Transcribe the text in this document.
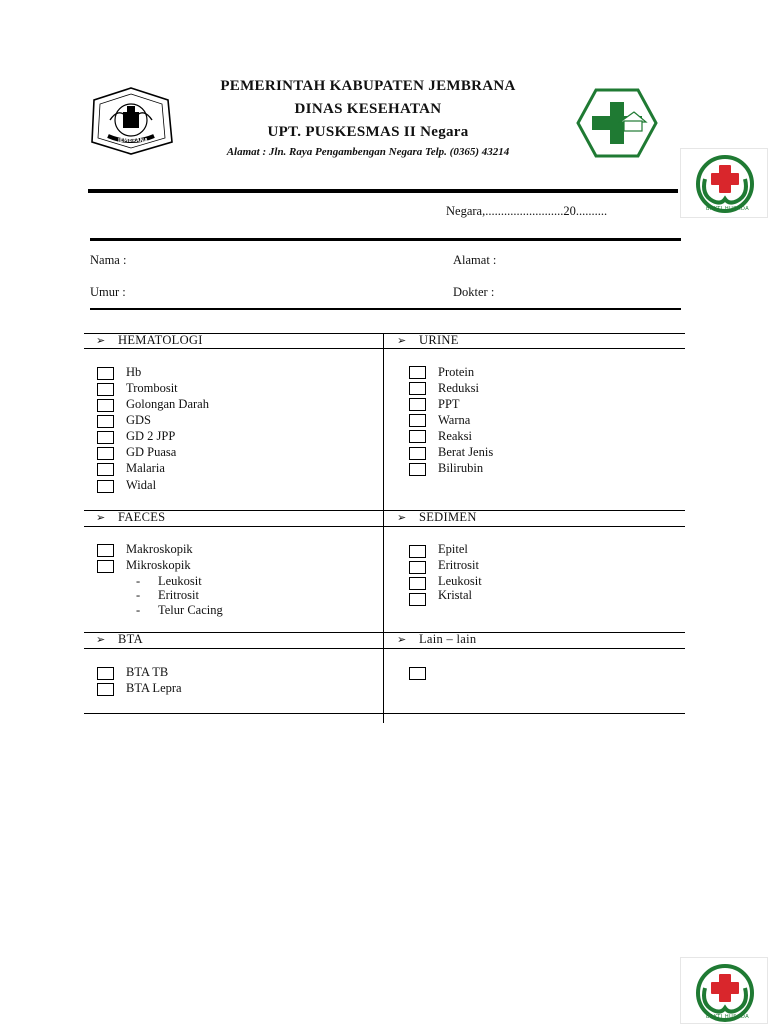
JEMBRANA
PEMERINTAH KABUPATEN JEMBRANA
DINAS KESEHATAN
UPT. PUSKESMAS II Negara
Alamat : Jln. Raya Pengambengan Negara Telp. (0365) 43214
BAKTI HUSADA
BAKTI HUSADA
Negara,.........................20..........
Nama :	Alamat :
Umur :	Dokter :
➢ HEMATOLOGI
Hb
Trombosit
Golongan Darah
GDS
GD 2 JPP
GD Puasa
Malaria
Widal
➢ URINE
Protein
Reduksi
PPT
Warna
Reaksi
Berat Jenis
Bilirubin
➢ FAECES
Makroskopik
Mikroskopik
- Leukosit
- Eritrosit
- Telur Cacing
➢ SEDIMEN
Epitel
Eritrosit
Leukosit
Kristal
➢ BTA
BTA TB
BTA Lepra
➢ Lain – lain
